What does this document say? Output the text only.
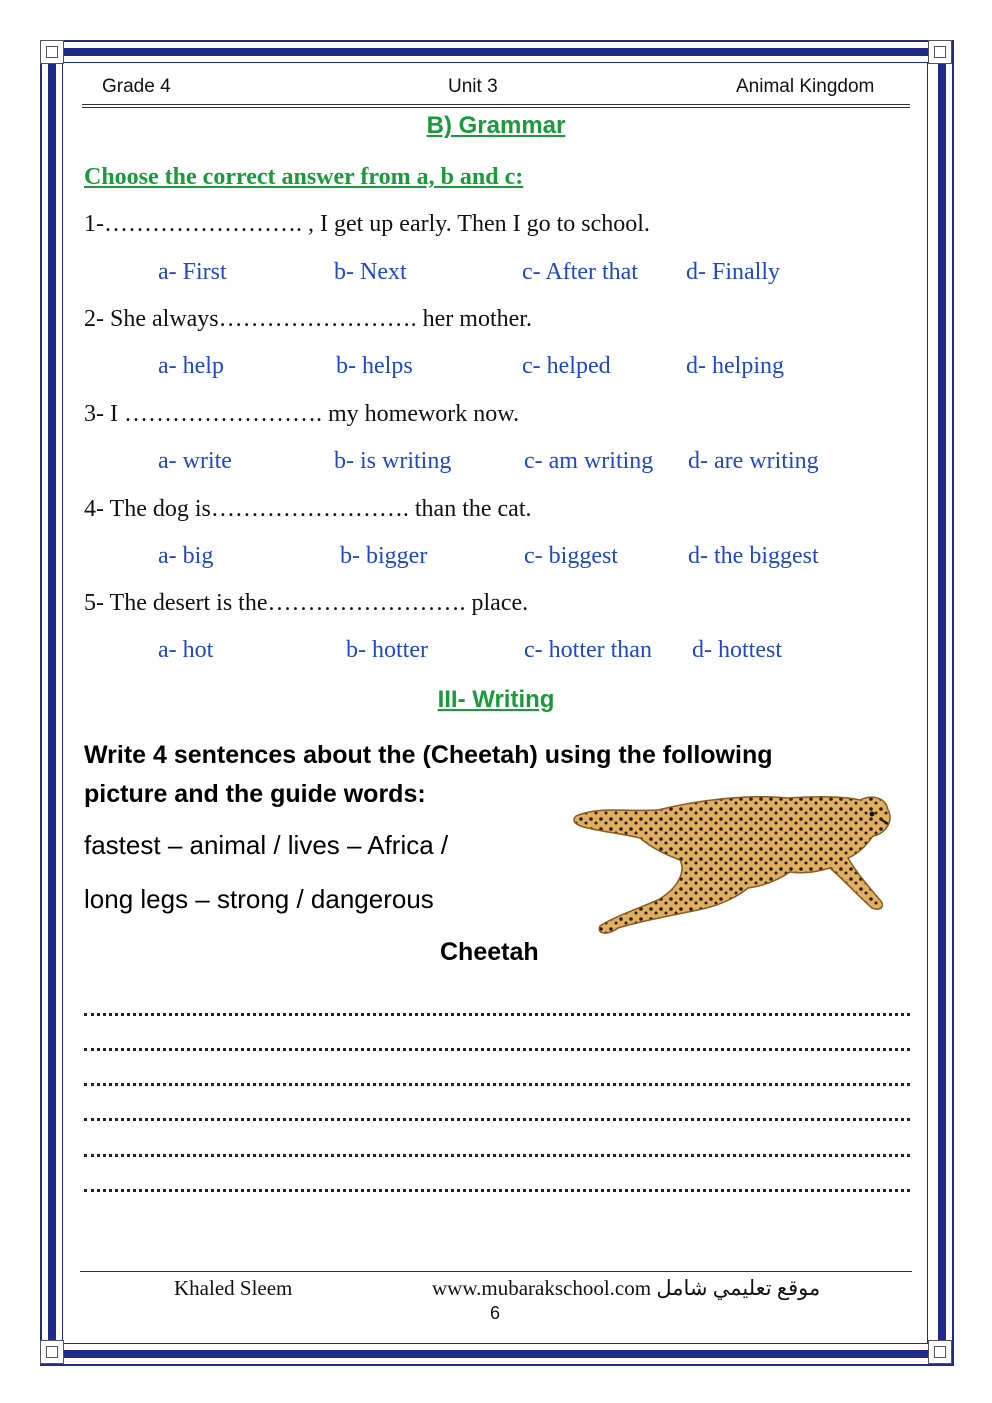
Grade 4	Unit 3	Animal Kingdom
B) Grammar
Choose the correct answer from a, b and c:
1-……………………. , I get up early. Then I go to school.
a- First	b- Next	c- After that d- Finally
2- She always……………………. her mother.
a- help	b- helps	c- helped	d- helping
3- I ……………………. my homework now.
a- write	b- is writing	c- am writing d- are writing
4- The dog is……………………. than the cat.
a- big	b- bigger	c- biggest	d- the biggest
5- The desert is the……………………. place.
a- hot	b- hotter	c- hotter than d- hottest
III- Writing
Write 4 sentences about the (Cheetah) using the following
picture and the guide words:
fastest – animal / lives – Africa /
long legs – strong / dangerous
Cheetah
Khaled Sleem	www.mubarakschool.com موقع تعليمي شامل
6
